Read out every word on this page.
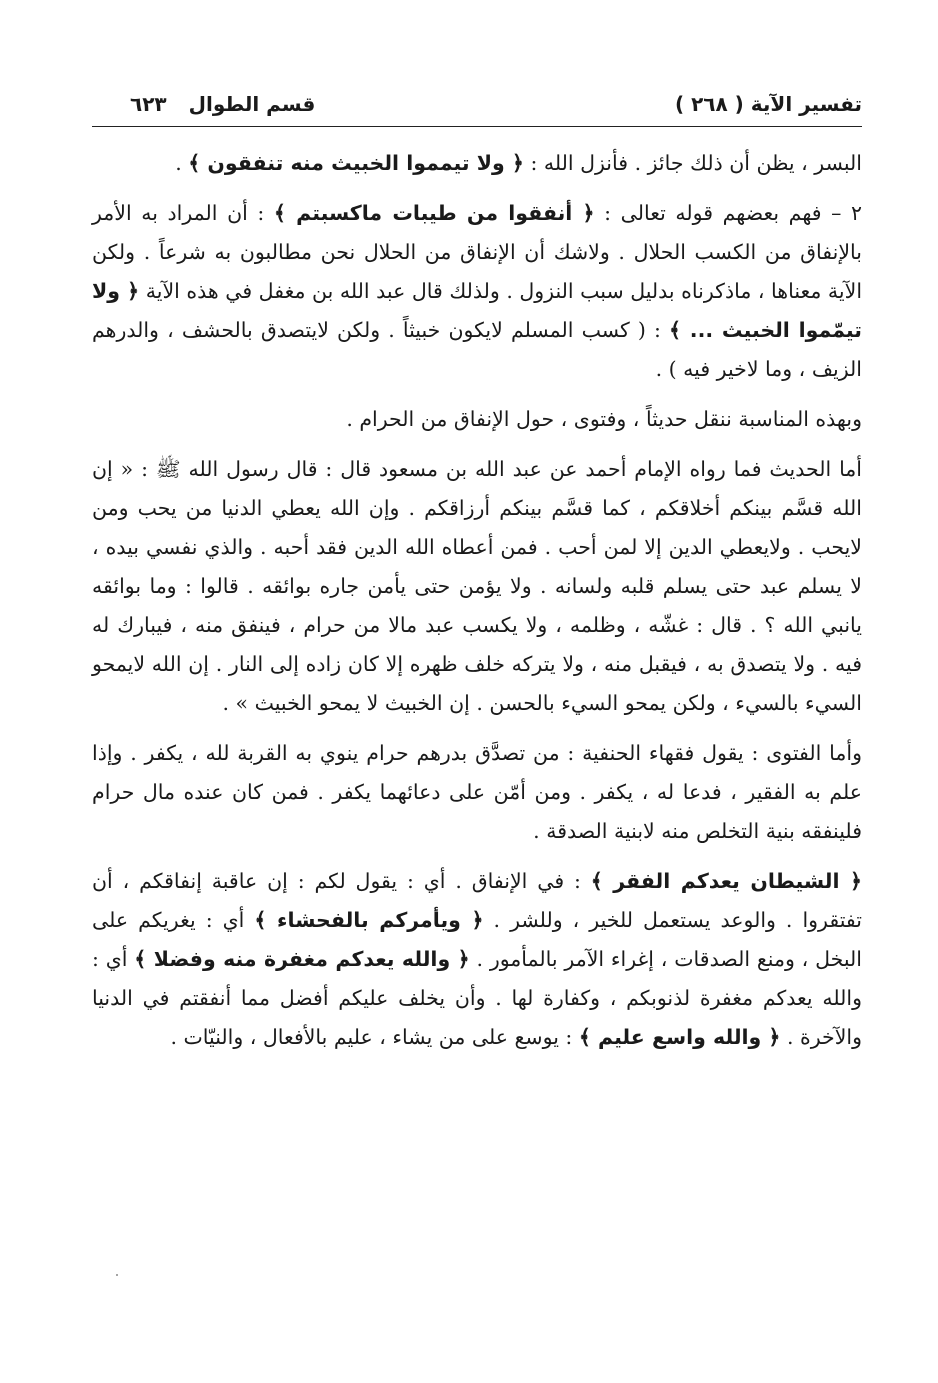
تفسير الآية ( ٢٦٨ )
قسم الطوال٦٢٣

البسر ، يظن أن ذلك جائز . فأنزل الله : ﴿ ولا تيمموا الخبيث منه تنفقون ﴾ .

٢ – فهم بعضهم قوله تعالى : ﴿ أنفقوا من طيبات ماكسبتم ﴾ : أن المراد به الأمر بالإنفاق من الكسب الحلال . ولاشك أن الإنفاق من الحلال نحن مطالبون به شرعاً . ولكن الآية معناها ، ماذكرناه بدليل سبب النزول . ولذلك قال عبد الله بن مغفل في هذه الآية ﴿ ولا تيمّموا الخبيث ... ﴾ : ( كسب المسلم لايكون خبيثاً . ولكن لايتصدق بالحشف ، والدرهم الزيف ، وما لاخير فيه ) .

وبهذه المناسبة ننقل حديثاً ، وفتوى ، حول الإنفاق من الحرام .

أما الحديث فما رواه الإمام أحمد عن عبد الله بن مسعود قال : قال رسول الله ﷺ : « إن الله قسَّم بينكم أخلاقكم ، كما قسَّم بينكم أرزاقكم . وإن الله يعطي الدنيا من يحب ومن لايحب . ولايعطي الدين إلا لمن أحب . فمن أعطاه الله الدين فقد أحبه . والذي نفسي بيده ، لا يسلم عبد حتى يسلم قلبه ولسانه . ولا يؤمن حتى يأمن جاره بوائقه . قالوا : وما بوائقه يانبي الله ؟ . قال : غشّه ، وظلمه ، ولا يكسب عبد مالا من حرام ، فينفق منه ، فيبارك له فيه . ولا يتصدق به ، فيقبل منه ، ولا يتركه خلف ظهره إلا كان زاده إلى النار . إن الله لايمحو السيء بالسيء ، ولكن يمحو السيء بالحسن . إن الخبيث لا يمحو الخبيث » .

وأما الفتوى : يقول فقهاء الحنفية : من تصدَّق بدرهم حرام ينوي به القربة لله ، يكفر . وإذا علم به الفقير ، فدعا له ، يكفر . ومن أمّن على دعائهما يكفر . فمن كان عنده مال حرام فلينفقه بنية التخلص منه لابنية الصدقة .

﴿ الشيطان يعدكم الفقر ﴾ : في الإنفاق . أي : يقول لكم : إن عاقبة إنفاقكم ، أن تفتقروا . والوعد يستعمل للخير ، وللشر . ﴿ ويأمركم بالفحشاء ﴾ أي : يغريكم على البخل ، ومنع الصدقات ، إغراء الآمر بالمأمور . ﴿ والله يعدكم مغفرة منه وفضلا ﴾ أي : والله يعدكم مغفرة لذنوبكم ، وكفارة لها . وأن يخلف عليكم أفضل مما أنفقتم في الدنيا والآخرة . ﴿ والله واسع عليم ﴾ : يوسع على من يشاء ، عليم بالأفعال ، والنيّات .
